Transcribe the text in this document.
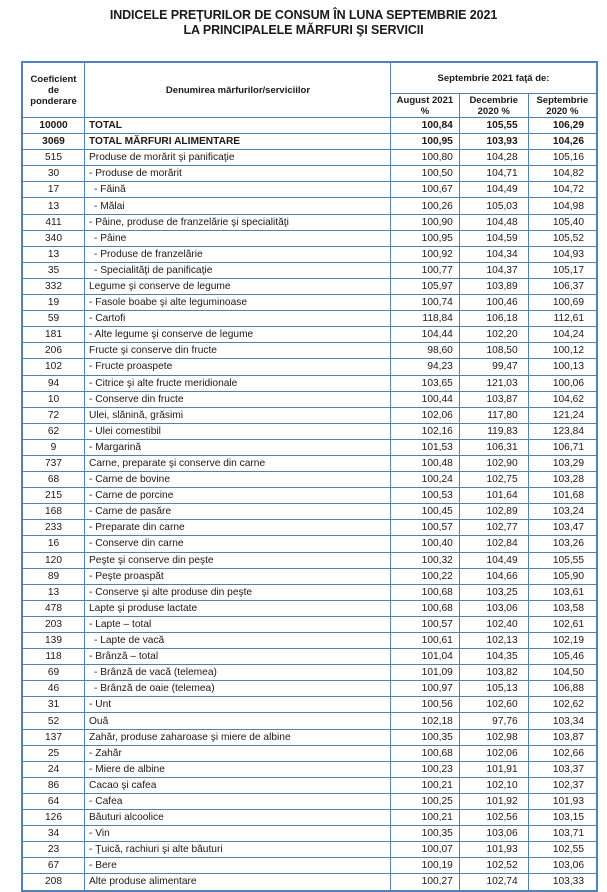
INDICELE PREŢURILOR DE CONSUM ÎN LUNA SEPTEMBRIE 2021
LA PRINCIPALELE MĂRFURI ŞI SERVICII
Coeficient de ponderare	Denumirea mărfurilor/serviciilor	Septembrie 2021 faţă de:		
		August 2021 %	Decembrie 2020 %	Septembrie 2020 %
10000	TOTAL	100,84	105,55	106,29
3069	TOTAL MĂRFURI ALIMENTARE	100,95	103,93	104,26
515	Produse de morărit şi panificaţie	100,80	104,28	105,16
30	- Produse de morărit	100,50	104,71	104,82
17	- Făină	100,67	104,49	104,72
13	- Mălai	100,26	105,03	104,98
411	- Pâine, produse de franzelărie şi specialităţi	100,90	104,48	105,40
340	- Pâine	100,95	104,59	105,52
13	- Produse de franzelărie	100,92	104,34	104,93
35	- Specialităţi de panificaţie	100,77	104,37	105,17
332	Legume şi conserve de legume	105,97	103,89	106,37
19	- Fasole boabe şi alte leguminoase	100,74	100,46	100,69
59	- Cartofi	118,84	106,18	112,61
181	- Alte legume şi conserve de legume	104,44	102,20	104,24
206	Fructe şi conserve din fructe	98,60	108,50	100,12
102	- Fructe proaspete	94,23	99,47	100,13
94	- Citrice şi alte fructe meridionale	103,65	121,03	100,06
10	- Conserve din fructe	100,44	103,87	104,62
72	Ulei, slănină, grăsimi	102,06	117,80	121,24
62	- Ulei comestibil	102,16	119,83	123,84
9	- Margarină	101,53	106,31	106,71
737	Carne, preparate şi conserve din carne	100,48	102,90	103,29
68	- Carne de bovine	100,24	102,75	103,28
215	- Carne de porcine	100,53	101,64	101,68
168	- Carne de pasăre	100,45	102,89	103,24
233	- Preparate din carne	100,57	102,77	103,47
16	- Conserve din carne	100,40	102,84	103,26
120	Peşte şi conserve din peşte	100,32	104,49	105,55
89	- Peşte proaspăt	100,22	104,66	105,90
13	- Conserve şi alte produse din peşte	100,68	103,25	103,61
478	Lapte şi produse lactate	100,68	103,06	103,58
203	- Lapte – total	100,57	102,40	102,61
139	- Lapte de vacă	100,61	102,13	102,19
118	- Brânză – total	101,04	104,35	105,46
69	- Brânză de vacă (telemea)	101,09	103,82	104,50
46	- Brânză de oaie (telemea)	100,97	105,13	106,88
31	- Unt	100,56	102,60	102,62
52	Ouă	102,18	97,76	103,34
137	Zahăr, produse zaharoase şi miere de albine	100,35	102,98	103,87
25	- Zahăr	100,68	102,06	102,66
24	- Miere de albine	100,23	101,91	103,37
86	Cacao şi cafea	100,21	102,10	102,37
64	- Cafea	100,25	101,92	101,93
126	Băuturi alcoolice	100,21	102,56	103,15
34	- Vin	100,35	103,06	103,71
23	- Ţuică, rachiuri şi alte băuturi	100,07	101,93	102,55
67	- Bere	100,19	102,52	103,06
208	Alte produse alimentare	100,27	102,74	103,33
